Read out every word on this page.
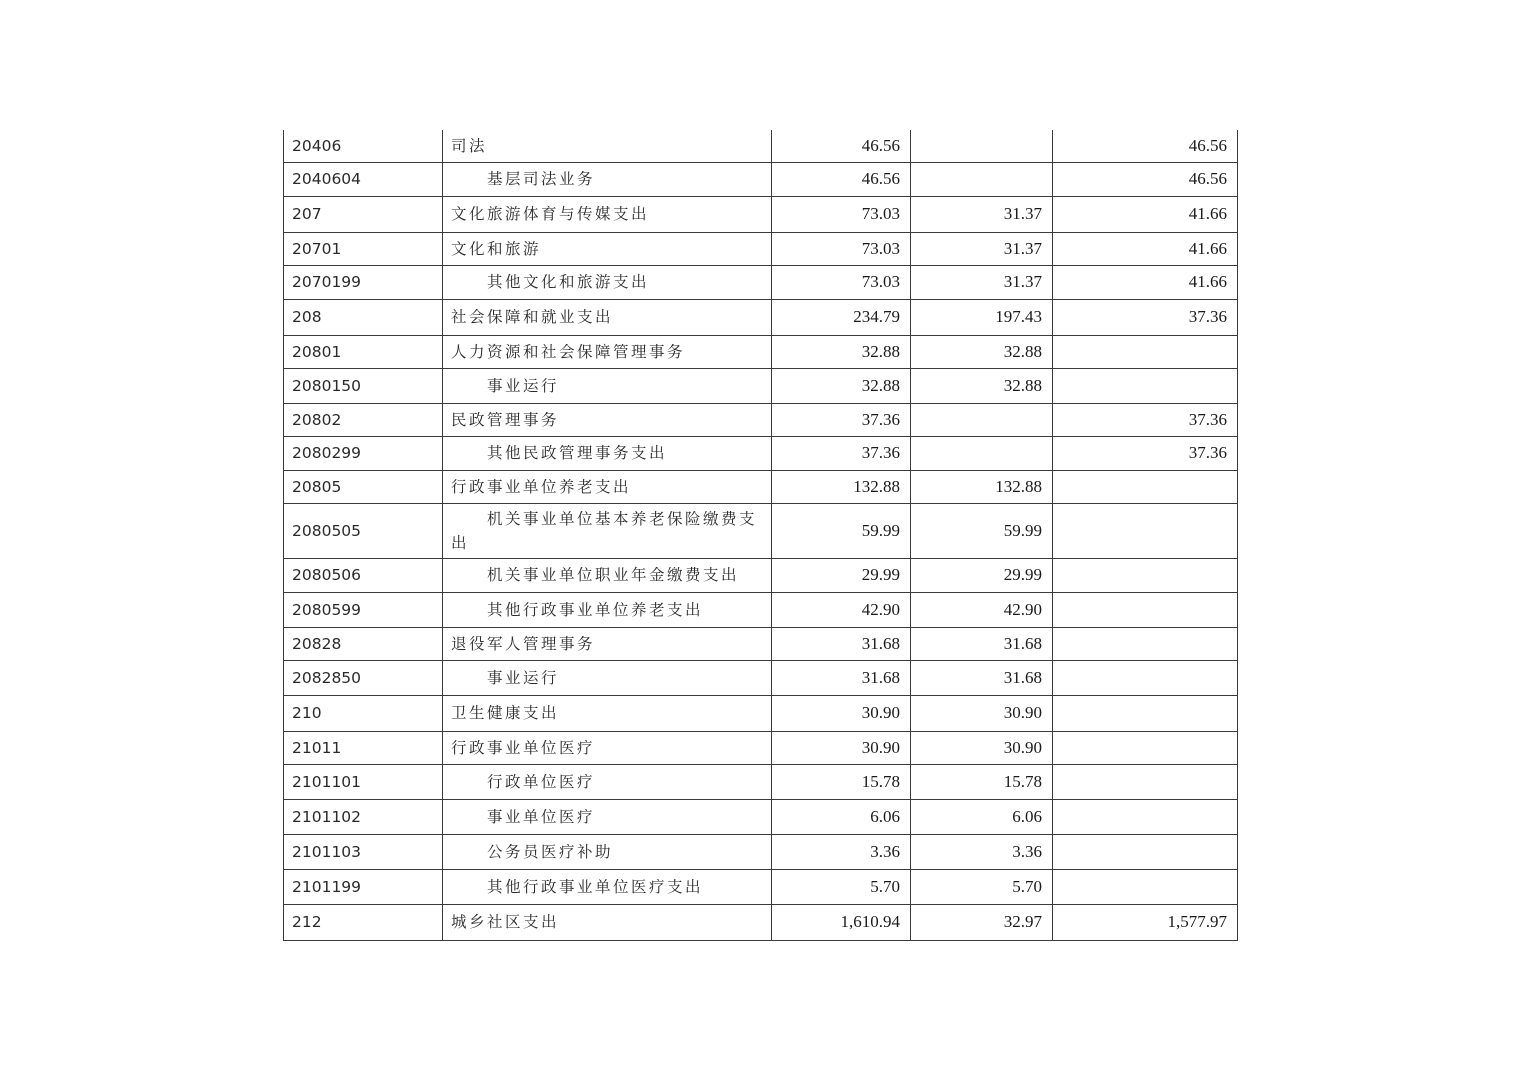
20406	司法	46.56		46.56
2040604	基层司法业务	46.56		46.56
207	文化旅游体育与传媒支出	73.03	31.37	41.66
20701	文化和旅游	73.03	31.37	41.66
2070199	其他文化和旅游支出	73.03	31.37	41.66
208	社会保障和就业支出	234.79	197.43	37.36
20801	人力资源和社会保障管理事务	32.88	32.88	
2080150	事业运行	32.88	32.88	
20802	民政管理事务	37.36		37.36
2080299	其他民政管理事务支出	37.36		37.36
20805	行政事业单位养老支出	132.88	132.88	
2080505	机关事业单位基本养老保险缴费支出	59.99	59.99	
2080506	机关事业单位职业年金缴费支出	29.99	29.99	
2080599	其他行政事业单位养老支出	42.90	42.90	
20828	退役军人管理事务	31.68	31.68	
2082850	事业运行	31.68	31.68	
210	卫生健康支出	30.90	30.90	
21011	行政事业单位医疗	30.90	30.90	
2101101	行政单位医疗	15.78	15.78	
2101102	事业单位医疗	6.06	6.06	
2101103	公务员医疗补助	3.36	3.36	
2101199	其他行政事业单位医疗支出	5.70	5.70	
212	城乡社区支出	1,610.94	32.97	1,577.97
